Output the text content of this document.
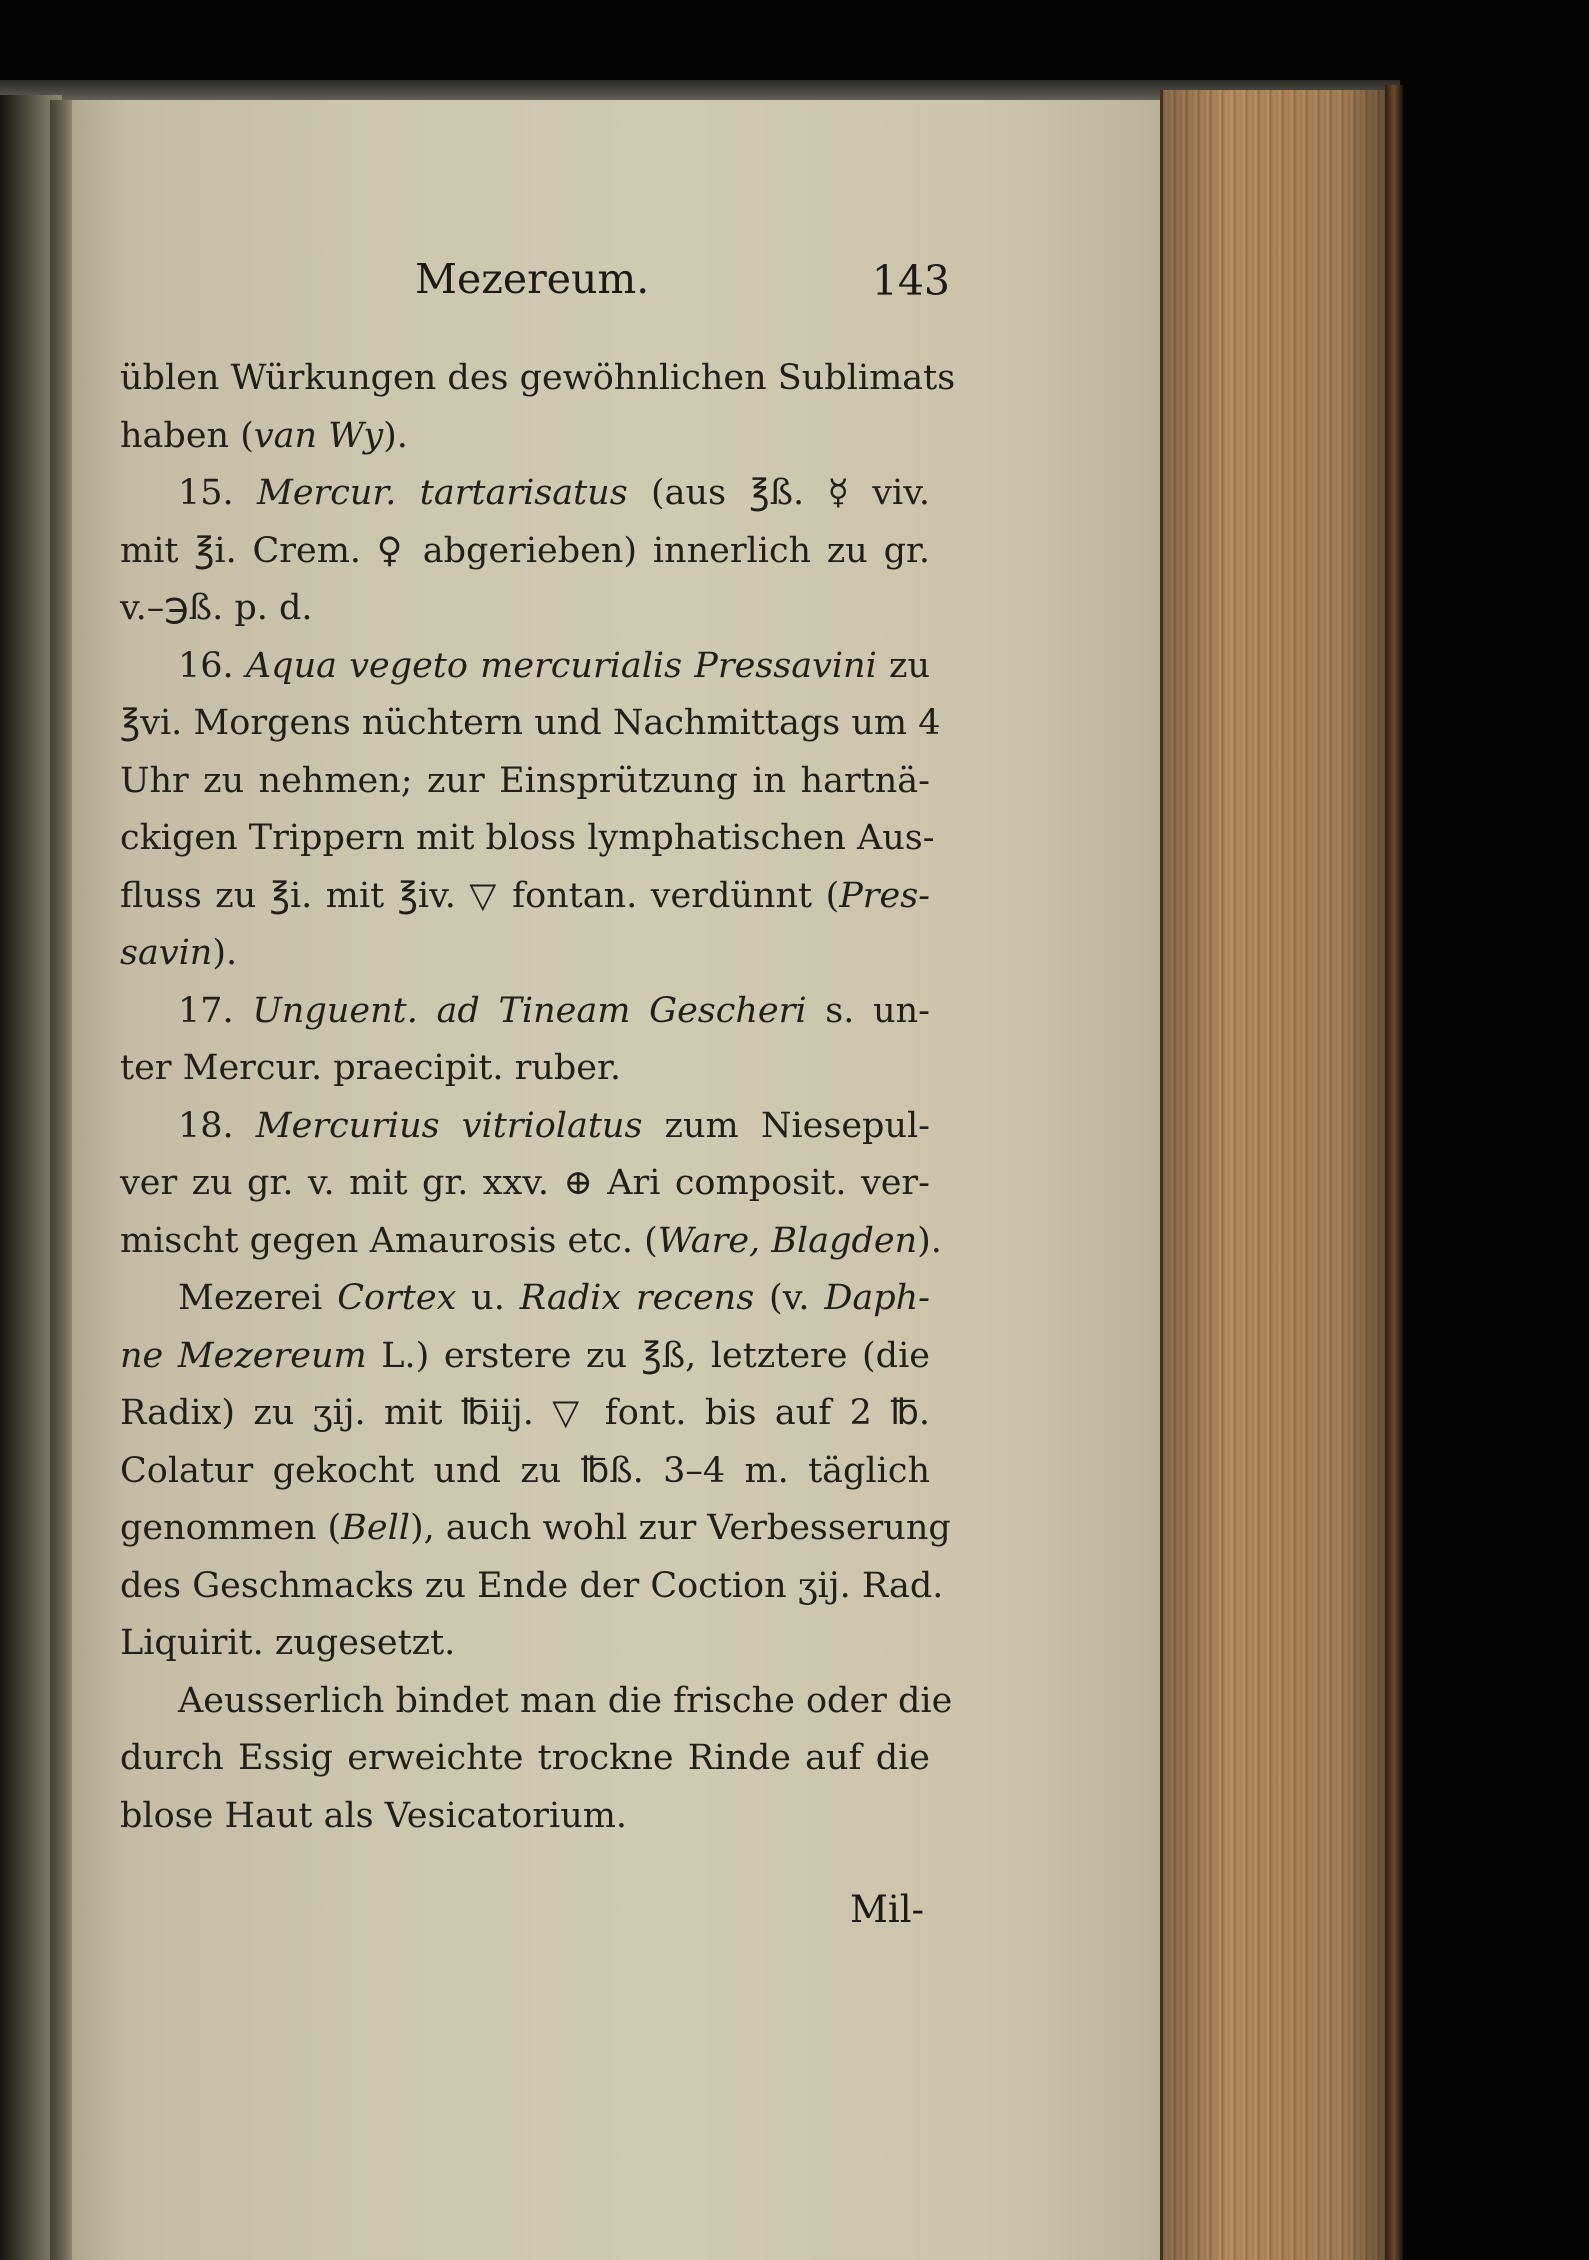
Mezereum.	143
üblen Würkungen des gewöhnlichen Sublimats
haben (van Wy).
15. Mercur. tartarisatus (aus ℥ß. ☿ viv.
mit ℥i. Crem. ♀ abgerieben) innerlich zu gr.
v.–℈ß. p. d.
16. Aqua vegeto mercurialis Pressavini zu
℥vi. Morgens nüchtern und Nachmittags um 4
Uhr zu nehmen; zur Einsprützung in hartnä-
ckigen Trippern mit bloss lymphatischen Aus-
fluss zu ℥i. mit ℥iv. ▽ fontan. verdünnt (Pres-
savin).
17. Unguent. ad Tineam Gescheri s. un-
ter Mercur. praecipit. ruber.
18. Mercurius vitriolatus zum Niesepul-
ver zu gr. v. mit gr. xxv. ⊕ Ari composit. ver-
mischt gegen Amaurosis etc. (Ware, Blagden).
Mezerei Cortex u. Radix recens (v. Daph-
ne Mezereum L.) erstere zu ℥ß, letztere (die
Radix) zu ʒij. mit ℔iij. ▽ font. bis auf 2 ℔.
Colatur gekocht und zu ℔ß. 3–4 m. täglich
genommen (Bell), auch wohl zur Verbesserung
des Geschmacks zu Ende der Coction ʒij. Rad.
Liquirit. zugesetzt.
Aeusserlich bindet man die frische oder die
durch Essig erweichte trockne Rinde auf die
blose Haut als Vesicatorium.
Mil-
